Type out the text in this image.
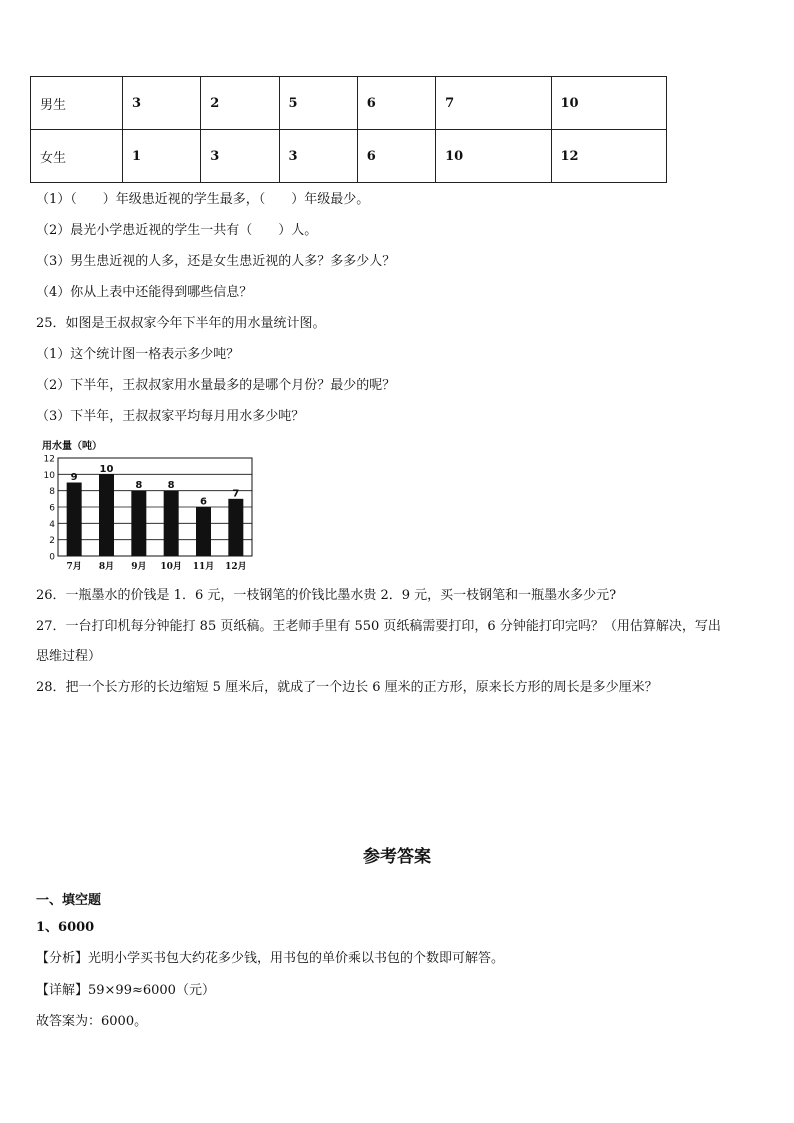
男生	3	2	5	6	7	10
女生	1	3	3	6	10	12
（1）（　　）年级患近视的学生最多，（　　）年级最少。
（2）晨光小学患近视的学生一共有（　　）人。
（3）男生患近视的人多，还是女生患近视的人多？多多少人？
（4）你从上表中还能得到哪些信息？
25．如图是王叔叔家今年下半年的用水量统计图。
（1）这个统计图一格表示多少吨？
（2）下半年，王叔叔家用水量最多的是哪个月份？最少的呢？
（3）下半年，王叔叔家平均每月用水多少吨？
用水量（吨）
0
2
4
6
8
10
12
9
7月
10
8月
8
9月
8
10月
6
11月
7
12月
26．一瓶墨水的价钱是 1．6 元，一枝钢笔的价钱比墨水贵 2．9 元，买一枝钢笔和一瓶墨水多少元?
27．一台打印机每分钟能打 85 页纸稿。王老师手里有 550 页纸稿需要打印，6 分钟能打印完吗？（用估算解决，写出
思维过程）
28．把一个长方形的长边缩短 5 厘米后，就成了一个边长 6 厘米的正方形，原来长方形的周长是多少厘米？
参考答案
一、填空题
1、6000
【分析】光明小学买书包大约花多少钱，用书包的单价乘以书包的个数即可解答。
【详解】59×99≈6000（元）
故答案为：6000。
